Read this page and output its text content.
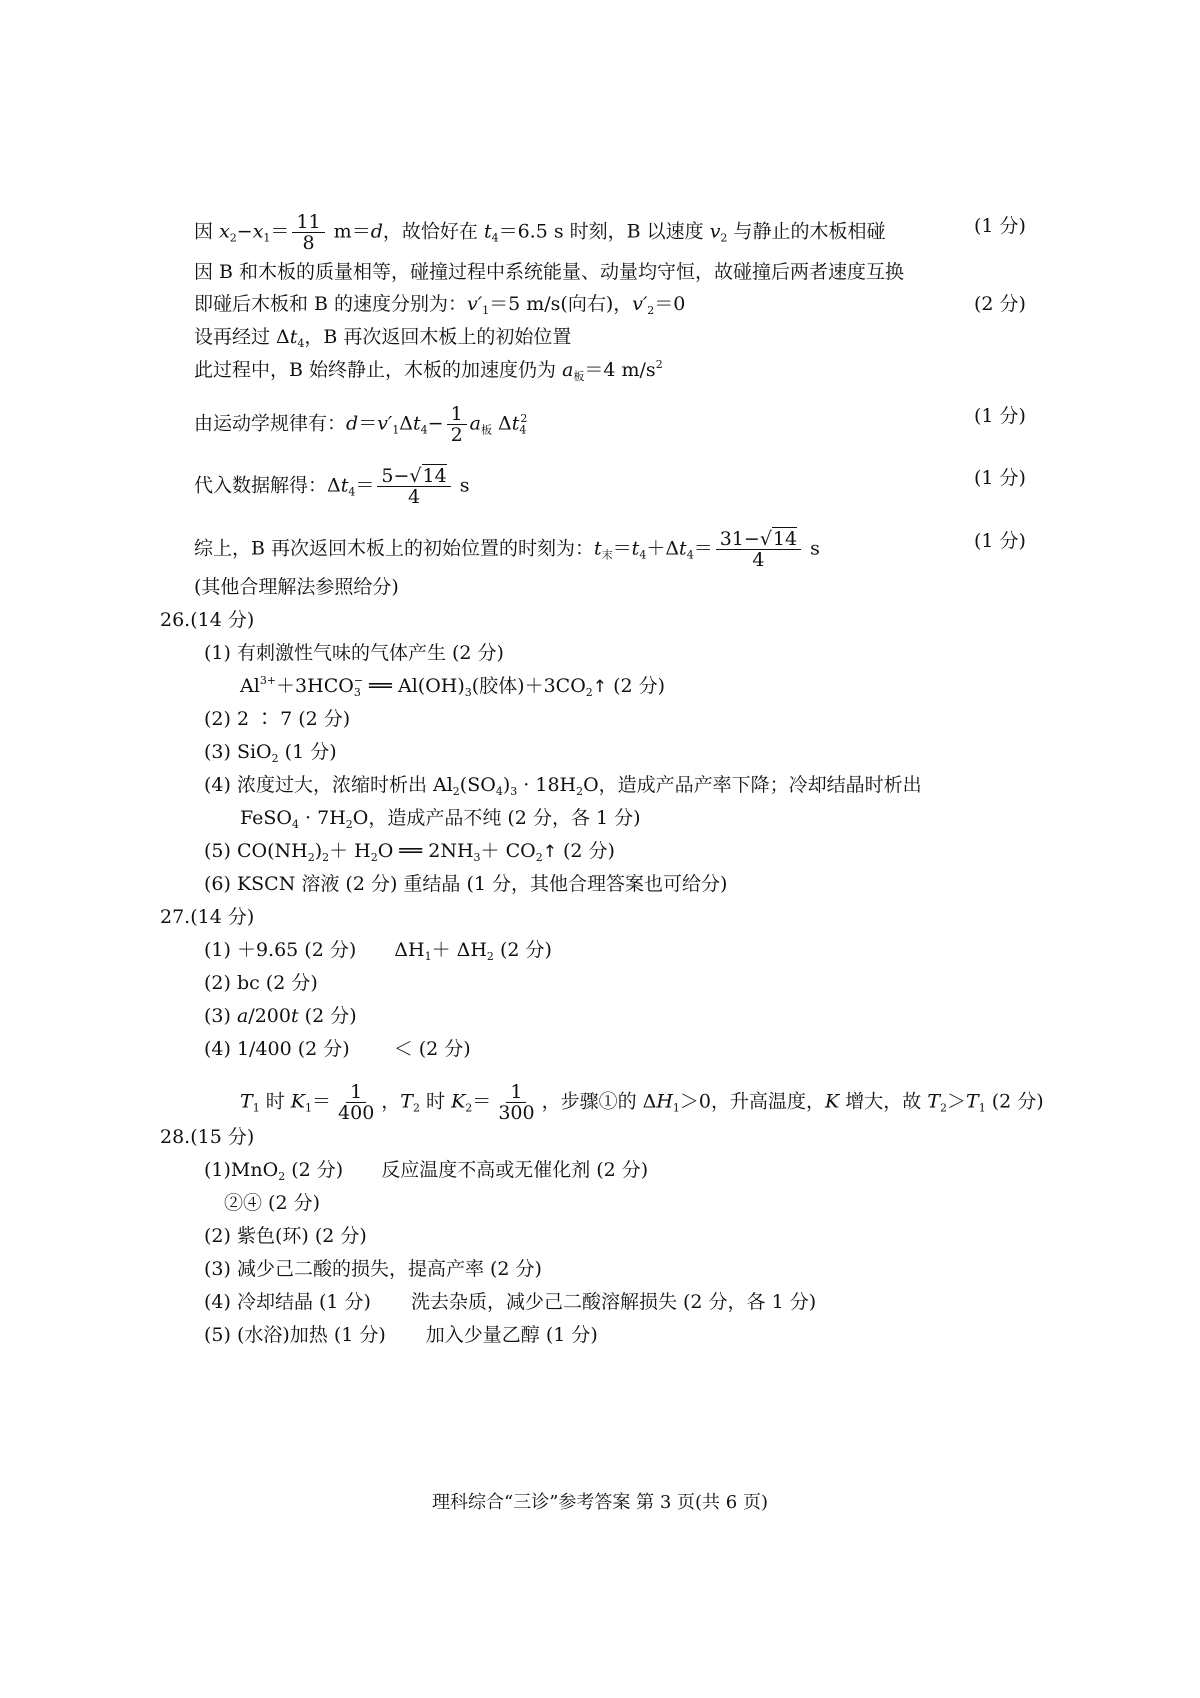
因 $x_2-x_1= \frac{11}{8} m=d$，故恰好在 $t_4=6.5$ s 时刻，B 以速度 $v_2$ 与静止的木板相碰	(1 分)
因 B 和木板的质量相等，碰撞过程中系统能量、动量均守恒，故碰撞后两者速度互换
即碰后木板和 B 的速度分别为：$v'_1=5$ m/s(向右)，$v'_2=0$	(2 分)
设再经过 $\Delta t_4$，B 再次返回木板上的初始位置
此过程中，B 始终静止，木板的加速度仍为 $a_板=4$ $m/s^2$
由运动学规律有：$d=v'_1\Delta t_4- \frac{1}{2} a_板$ $\Delta t_4^2$	(1 分)
代入数据解得：$\Delta t_4= \frac{5-√14}{4}$ s	(1 分)
综上，B 再次返回木板上的初始位置的时刻为：$t_末=t_4+\Delta t_4= \frac{31-√14}{4}$ s	(1 分)
(其他合理解法参照给分)
26.(14 分)
(1) 有刺激性气味的气体产生 (2 分)
$Al^{3+}+3HCO_3^-$ ══ $Al(OH)_3$(胶体)$+3CO_2↑$ (2 分)
(2) 2 ∶ 7 (2 分)
(3) SiO$_2$ (1 分)
(4) 浓度过大，浓缩时析出 $Al_2(SO_4)_3 \cdot 18H_2O$，造成产品产率下降；冷却结晶时析出
FeSO$_4$ · $7H_2O$，造成产品不纯 (2 分，各 1 分)
(5) $CO(NH_2)_2+ H_2O$ ══ $2NH_3+$ $CO_2↑$ (2 分)
(6) KSCN 溶液 (2 分) 重结晶 (1 分，其他合理答案也可给分)
27.(14 分)
(1) ＋9.65 (2 分) $\Delta H_1+ \Delta H_2$ (2 分)
(2) bc (2 分)
(3) a/200t (2 分)
(4) 1/400 (2 分) ＜ (2 分)
$T_1$ 时 $K_1= \frac{1}{400}$ ，$T_2$ 时 $K_2= \frac{1}{300}$ ，步骤①的 $\Delta H_1>0$，升高温度，K 增大，故 $T_2>T_1$ (2 分)
28.(15 分)
(1)MnO$_2$ (2 分) 反应温度不高或无催化剂 (2 分)
②④ (2 分)
(2) 紫色(环) (2 分)
(3) 减少己二酸的损失，提高产率 (2 分)
(4) 冷却结晶 (1 分) 洗去杂质，减少己二酸溶解损失 (2 分，各 1 分)
(5) (水浴)加热 (1 分) 加入少量乙醇 (1 分)
理科综合“三诊”参考答案 第 3 页(共 6 页)
